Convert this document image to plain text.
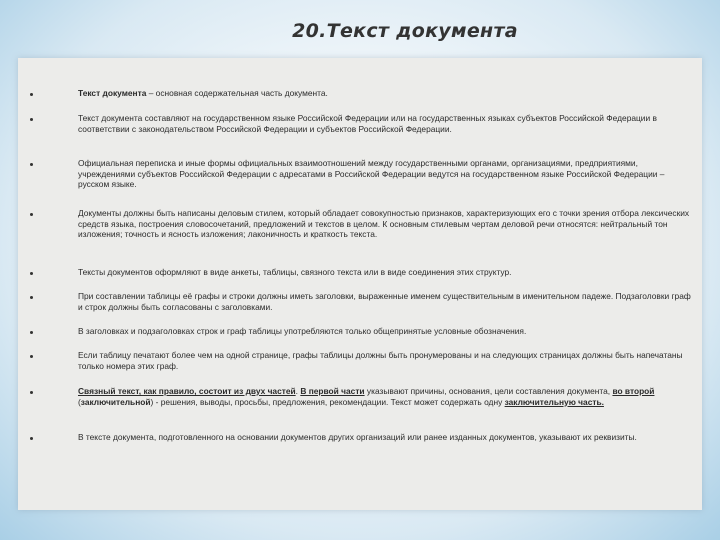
Текст документа – основная содержательная часть документа.
Текст документа составляют на государственном языке Российской Федерации или на государственных языках субъектов Российской Федерации в соответствии с законодательством Российской Федерации и субъектов Российской Федерации.
Официальная переписка и иные формы официальных взаимоотношений между государственными органами, организациями, предприятиями, учреждениями субъектов Российской Федерации с адресатами в Российской Федерации ведутся на государственном языке Российской Федерации – русском языке.
Документы должны быть написаны деловым стилем, который обладает совокупностью признаков, характеризующих его с точки зрения отбора лексических средств языка, построения словосочетаний, предложений и текстов в целом. К основным стилевым чертам деловой речи относятся: нейтральный тон изложения; точность и ясность изложения; лаконичность и краткость текста.
Тексты документов оформляют в виде анкеты, таблицы, связного текста или в виде соединения этих структур.
При составлении таблицы её графы и строки должны иметь заголовки, выраженные именем существительным в именительном падеже. Подзаголовки граф и строк должны быть согласованы с заголовками.
В заголовках и подзаголовках строк и граф таблицы употребляются только общепринятые условные обозначения.
Если таблицу печатают более чем на одной странице, графы таблицы должны быть пронумерованы и на следующих страницах должны быть напечатаны только номера этих граф.
Связный текст, как правило, состоит из двух частей. В первой части указывают причины, основания, цели составления документа, во второй (заключительной) - решения, выводы, просьбы, предложения, рекомендации. Текст может содержать одну заключительную часть.
В тексте документа, подготовленного на основании документов других организаций или ранее изданных документов, указывают их реквизиты.
20.Текст документа
